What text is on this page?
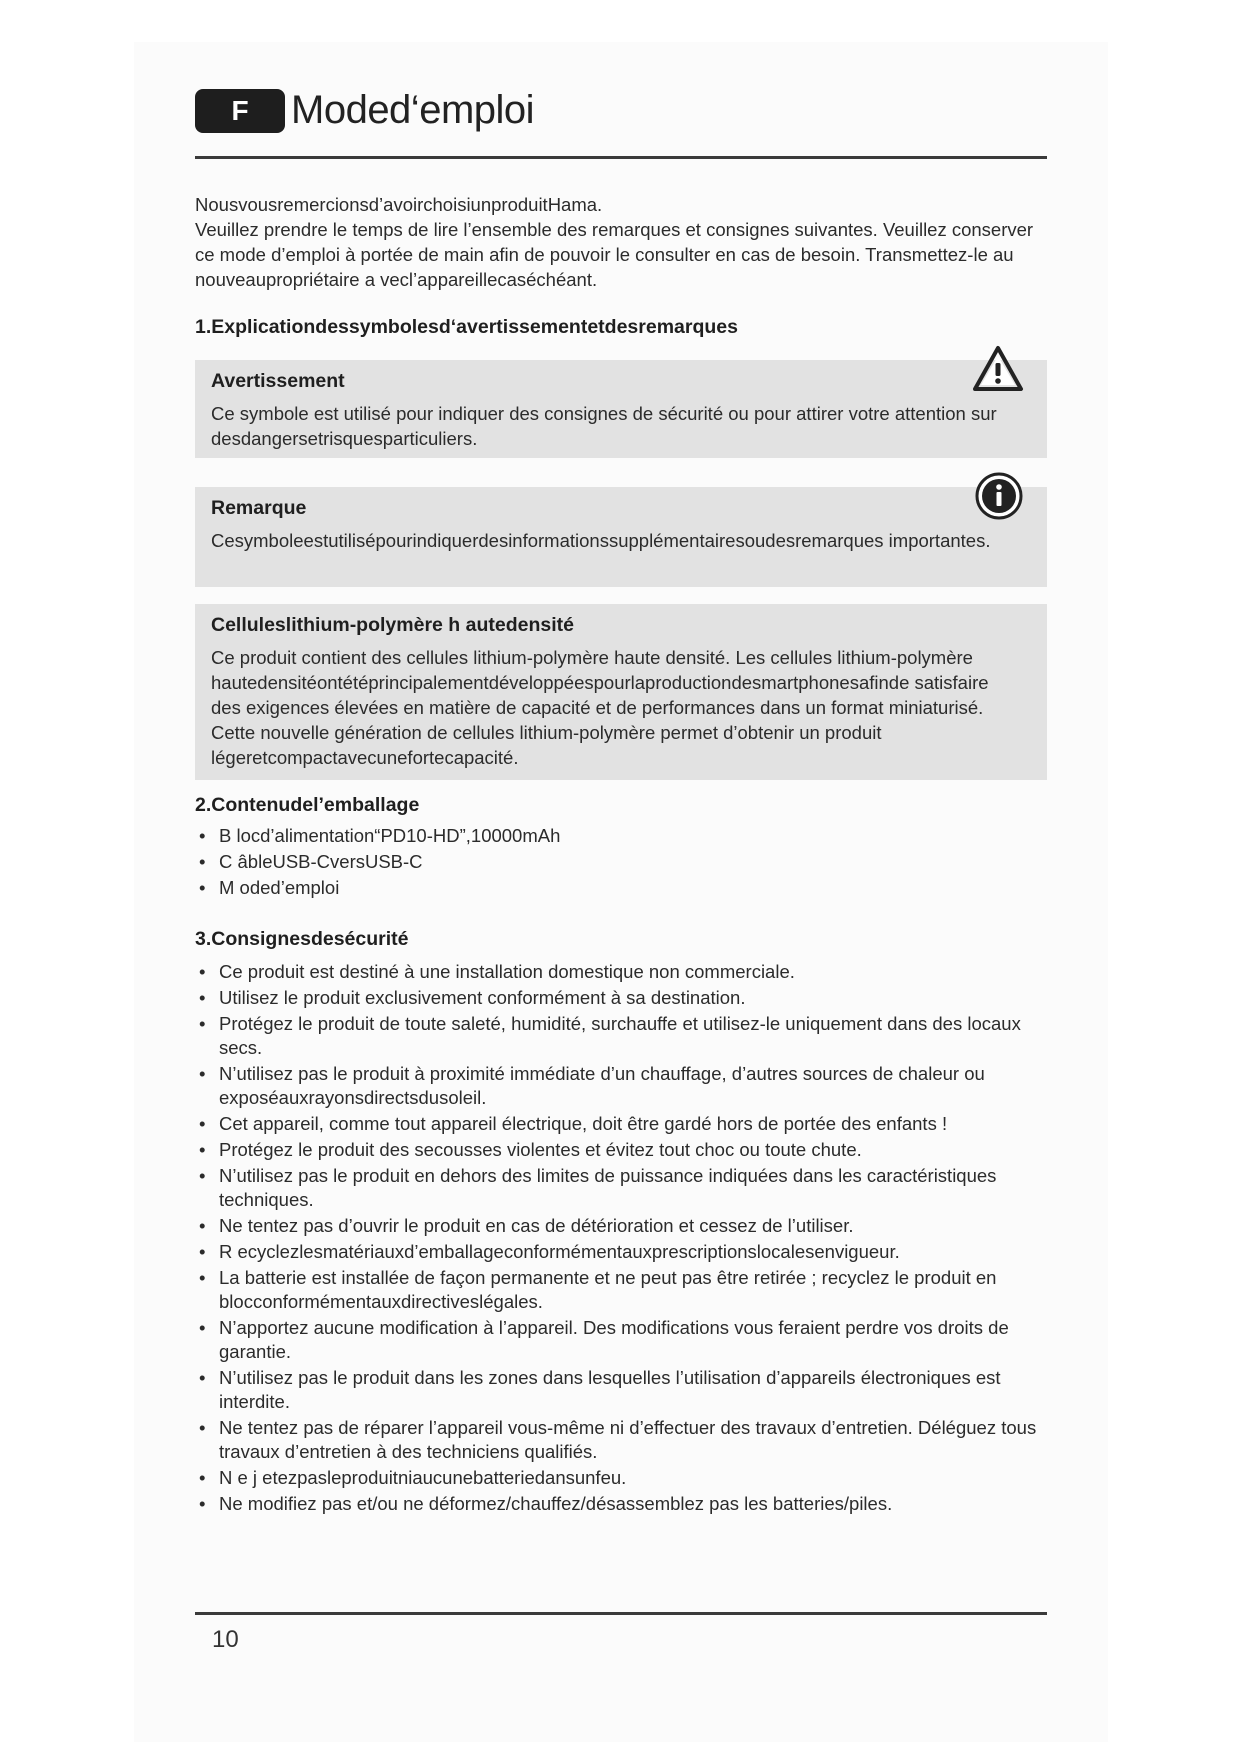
F	Moded‘emploi
Nousvousremercionsd’avoirchoisiunproduitHama.
Veuillez prendre le temps de lire l’ensemble des remarques et consignes suivantes. Veuillez conserver ce mode d’emploi à portée de main afin de pouvoir le consulter en cas de besoin. Transmettez-le au nouveaupropriétaire a vecl’appareillecaséchéant.
1.Explicationdessymbolesd‘avertissementetdesremarques
Avertissement
Ce symbole est utilisé pour indiquer des consignes de sécurité ou pour attirer votre attention sur desdangersetrisquesparticuliers.
Remarque
Cesymboleestutilisépourindiquerdesinformationssupplémentairesoudesremarques importantes.
Celluleslithium-polymère h autedensité
Ce produit contient des cellules lithium-polymère haute densité. Les cellules lithium-polymère hautedensitéontétéprincipalementdéveloppéespourlaproductiondesmartphonesafinde satisfaire des exigences élevées en matière de capacité et de performances dans un format miniaturisé. Cette nouvelle génération de cellules lithium-polymère permet d’obtenir un produit légeretcompactavecunefortecapacité.
2.Contenudel’emballage
• B locd’alimentation“PD10-HD”,10000mAh
• C âbleUSB-CversUSB-C
• M oded’emploi
3.Consignesdesécurité
• Ce produit est destiné à une installation domestique non commerciale.
• Utilisez le produit exclusivement conformément à sa destination.
• Protégez le produit de toute saleté, humidité, surchauffe et utilisez-le uniquement dans des locaux secs.
• N’utilisez pas le produit à proximité immédiate d’un chauffage, d’autres sources de chaleur ou exposéauxrayonsdirectsdusoleil.
• Cet appareil, comme tout appareil électrique, doit être gardé hors de portée des enfants !
• Protégez le produit des secousses violentes et évitez tout choc ou toute chute.
• N’utilisez pas le produit en dehors des limites de puissance indiquées dans les caractéristiques techniques.
• Ne tentez pas d’ouvrir le produit en cas de détérioration et cessez de l’utiliser.
• R ecyclezlesmatériauxd’emballageconformémentauxprescriptionslocalesenvigueur.
• La batterie est installée de façon permanente et ne peut pas être retirée ; recyclez le produit en blocconformémentauxdirectiveslégales.
• N’apportez aucune modification à l’appareil. Des modifications vous feraient perdre vos droits de garantie.
• N’utilisez pas le produit dans les zones dans lesquelles l’utilisation d’appareils électroniques est interdite.
• Ne tentez pas de réparer l’appareil vous-même ni d’effectuer des travaux d’entretien. Déléguez tous travaux d’entretien à des techniciens qualifiés.
• N e j etezpasleproduitniaucunebatteriedansunfeu.
• Ne modifiez pas et/ou ne déformez/chauffez/désassemblez pas les batteries/piles.
10
